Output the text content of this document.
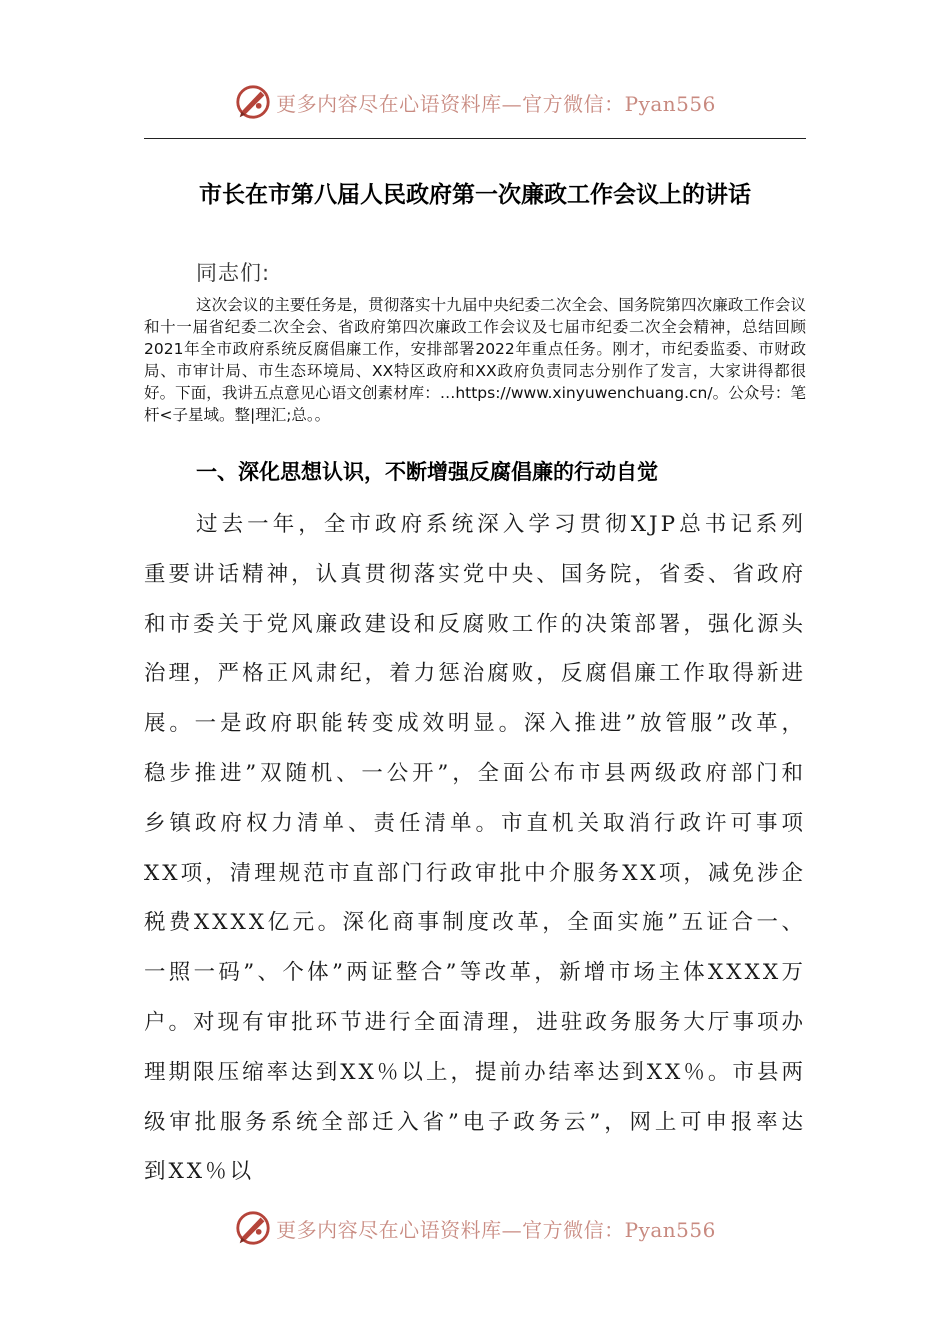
更多内容尽在心语资料库—官方微信：Pyan556
市长在市第八届人民政府第一次廉政工作会议上的讲话
同志们:

这次会议的主要任务是，贯彻落实十九届中央纪委二次全会、国务院第四次廉政工作会议和十一届省纪委二次全会、省政府第四次廉政工作会议及七届市纪委二次全会精神，总结回顾2021年全市政府系统反腐倡廉工作，安排部署2022年重点任务。刚才，市纪委监委、市财政局、市审计局、市生态环境局、XX特区政府和XX政府负责同志分别作了发言，大家讲得都很好。下面，我讲五点意见心语文创素材库：…https://www.xinyuwenchuang.cn/。公众号：笔杆<子星域。整|理汇;总。。

一、深化思想认识，不断增强反腐倡廉的行动自觉

过去一年，全市政府系统深入学习贯彻XJP总书记系列重要讲话精神，认真贯彻落实党中央、国务院，省委、省政府和市委关于党风廉政建设和反腐败工作的决策部署，强化源头治理，严格正风肃纪，着力惩治腐败，反腐倡廉工作取得新进展。一是政府职能转变成效明显。深入推进”放管服”改革，稳步推进”双随机、一公开”，全面公布市县两级政府部门和乡镇政府权力清单、责任清单。市直机关取消行政许可事项XX项，清理规范市直部门行政审批中介服务XX项，减免涉企税费XXXX亿元。深化商事制度改革，全面实施”五证合一、一照一码”、个体”两证整合”等改革，新增市场主体XXXX万户。对现有审批环节进行全面清理，进驻政务服务大厅事项办理期限压缩率达到XX％以上，提前办结率达到XX％。市县两级审批服务系统全部迁入省”电子政务云”，网上可申报率达到XX％以

更多内容尽在心语资料库—官方微信：Pyan556
